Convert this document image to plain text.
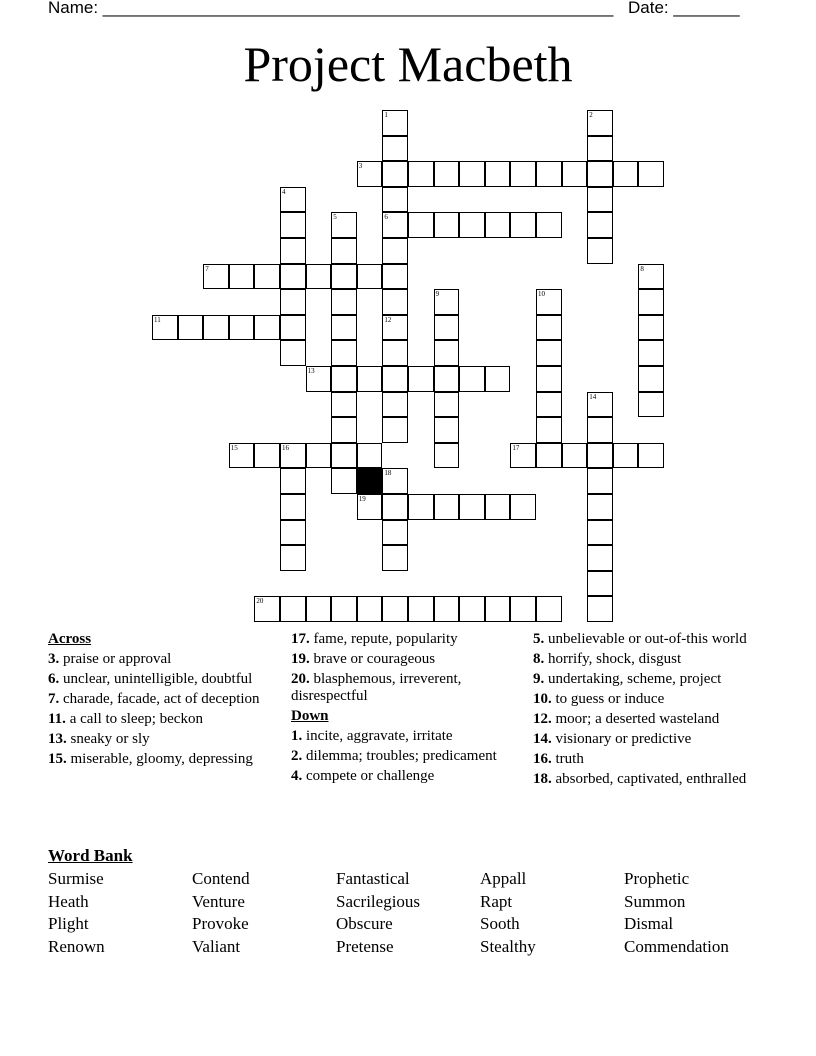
Name: ______________________________________________________ Date: _______
Project Macbeth
1
6
12
2
3
4
5
7	8
9	10
11
13
14
15	16	17
18
19
20
Across
3. praise or approval
6. unclear, unintelligible, doubtful
7. charade, facade, act of deception
11. a call to sleep; beckon
13. sneaky or sly
15. miserable, gloomy, depressing
17. fame, repute, popularity
19. brave or courageous
20. blasphemous, irreverent, disrespectful
Down
1. incite, aggravate, irritate
2. dilemma; troubles; predicament
4. compete or challenge
5. unbelievable or out-of-this world
8. horrify, shock, disgust
9. undertaking, scheme, project
10. to guess or induce
12. moor; a deserted wasteland
14. visionary or predictive
16. truth
18. absorbed, captivated, enthralled
Word Bank
Surmise	Contend	Fantastical	Appall	Prophetic
Heath	Venture	Sacrilegious	Rapt	Summon
Plight	Provoke	Obscure	Sooth	Dismal
Renown	Valiant	Pretense	Stealthy	Commendation
